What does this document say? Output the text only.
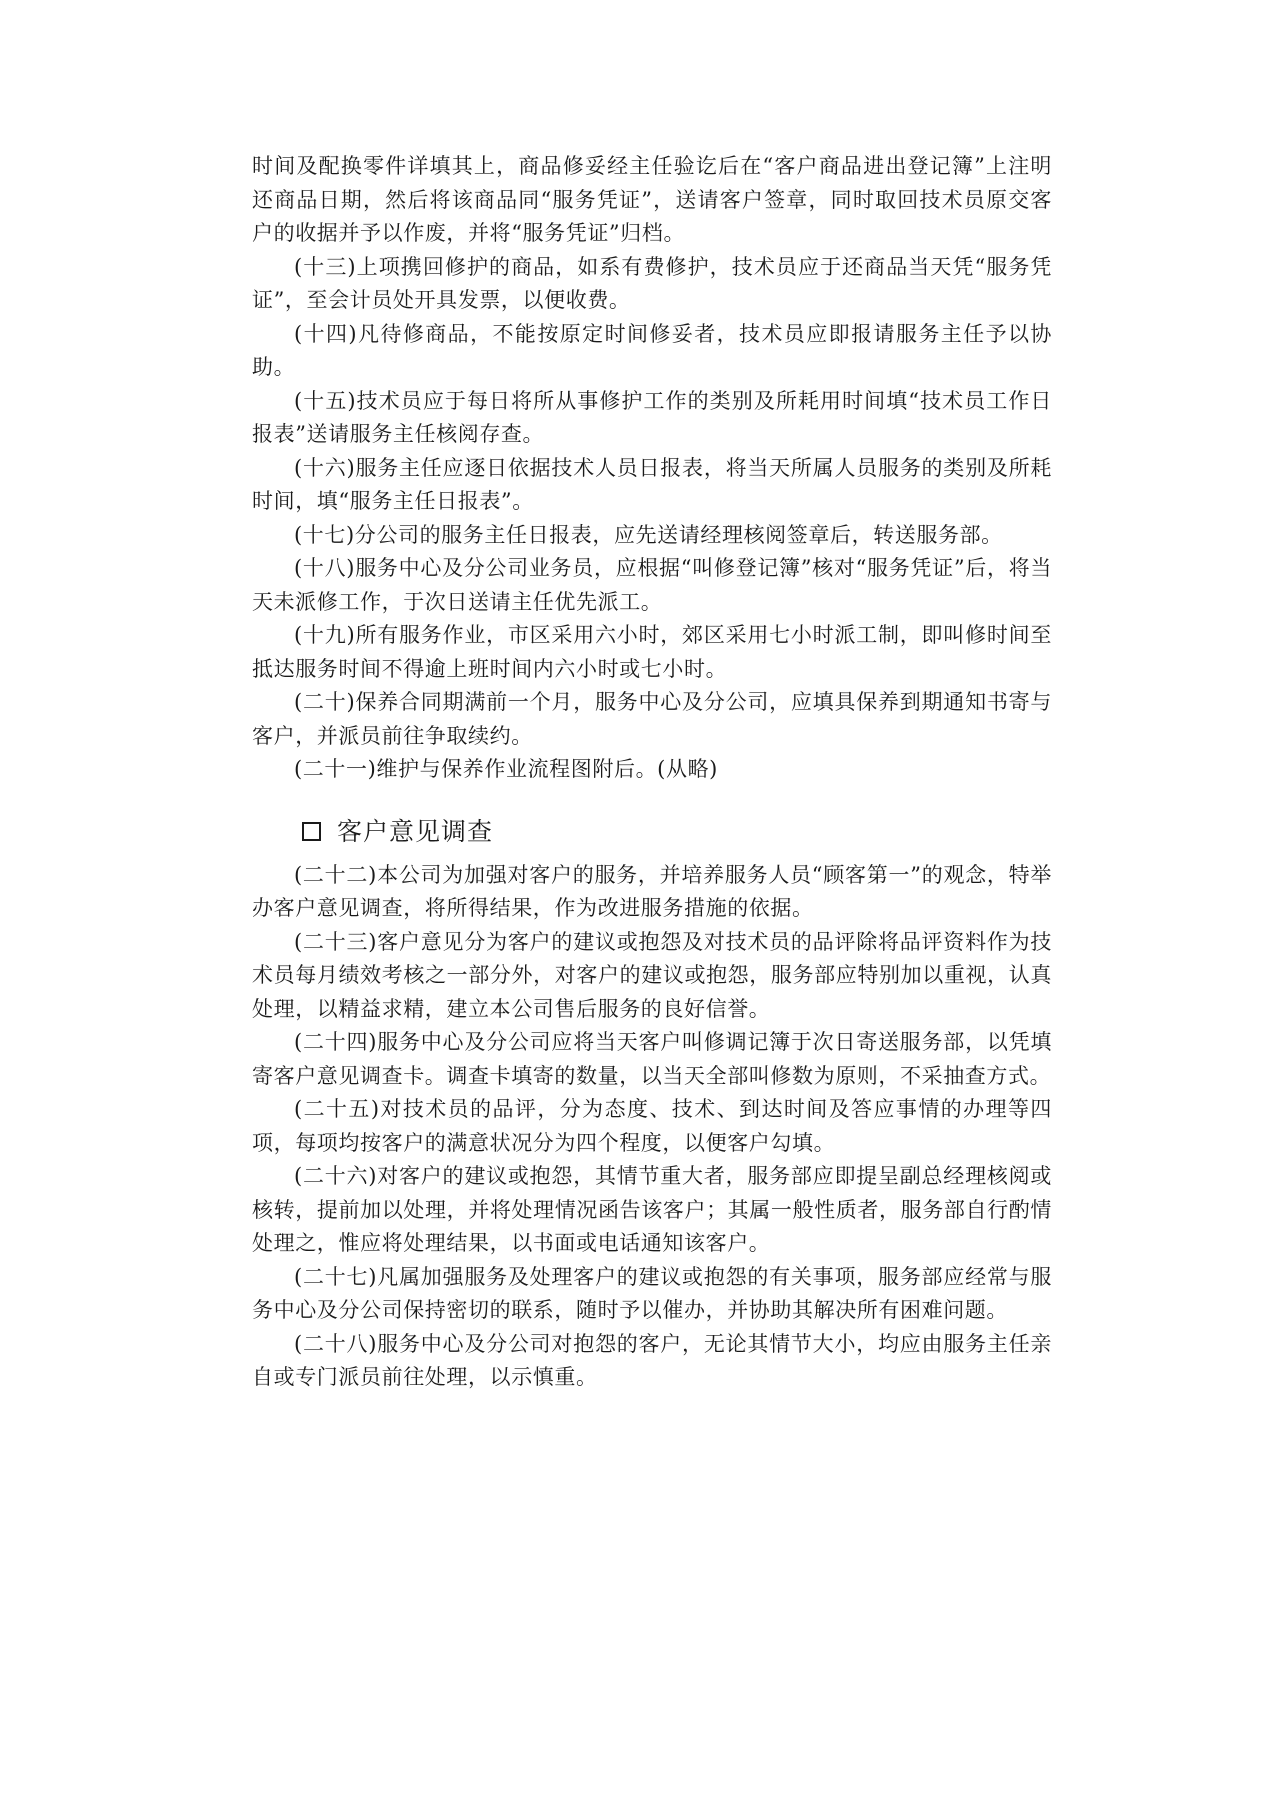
时间及配换零件详填其上，商品修妥经主任验讫后在“客户商品进出登记簿”上注明还商品日期，然后将该商品同“服务凭证”，送请客户签章，同时取回技术员原交客户的收据并予以作废，并将“服务凭证”归档。

(十三)上项携回修护的商品，如系有费修护，技术员应于还商品当天凭“服务凭证”，至会计员处开具发票，以便收费。

(十四)凡待修商品，不能按原定时间修妥者，技术员应即报请服务主任予以协助。

(十五)技术员应于每日将所从事修护工作的类别及所耗用时间填“技术员工作日报表”送请服务主任核阅存查。

(十六)服务主任应逐日依据技术人员日报表，将当天所属人员服务的类别及所耗时间，填“服务主任日报表”。

(十七)分公司的服务主任日报表，应先送请经理核阅签章后，转送服务部。

(十八)服务中心及分公司业务员，应根据“叫修登记簿”核对“服务凭证”后，将当天未派修工作，于次日送请主任优先派工。

(十九)所有服务作业，市区采用六小时，郊区采用七小时派工制，即叫修时间至抵达服务时间不得逾上班时间内六小时或七小时。

(二十)保养合同期满前一个月，服务中心及分公司，应填具保养到期通知书寄与客户，并派员前往争取续约。

(二十一)维护与保养作业流程图附后。(从略)

客户意见调查

(二十二)本公司为加强对客户的服务，并培养服务人员“顾客第一”的观念，特举办客户意见调查，将所得结果，作为改进服务措施的依据。

(二十三)客户意见分为客户的建议或抱怨及对技术员的品评除将品评资料作为技术员每月绩效考核之一部分外，对客户的建议或抱怨，服务部应特别加以重视，认真处理，以精益求精，建立本公司售后服务的良好信誉。

(二十四)服务中心及分公司应将当天客户叫修调记簿于次日寄送服务部，以凭填寄客户意见调查卡。调查卡填寄的数量，以当天全部叫修数为原则，不采抽查方式。

(二十五)对技术员的品评，分为态度、技术、到达时间及答应事情的办理等四项，每项均按客户的满意状况分为四个程度，以便客户勾填。

(二十六)对客户的建议或抱怨，其情节重大者，服务部应即提呈副总经理核阅或核转，提前加以处理，并将处理情况函告该客户；其属一般性质者，服务部自行酌情处理之，惟应将处理结果，以书面或电话通知该客户。

(二十七)凡属加强服务及处理客户的建议或抱怨的有关事项，服务部应经常与服务中心及分公司保持密切的联系，随时予以催办，并协助其解决所有困难问题。

(二十八)服务中心及分公司对抱怨的客户，无论其情节大小，均应由服务主任亲自或专门派员前往处理，以示慎重。
